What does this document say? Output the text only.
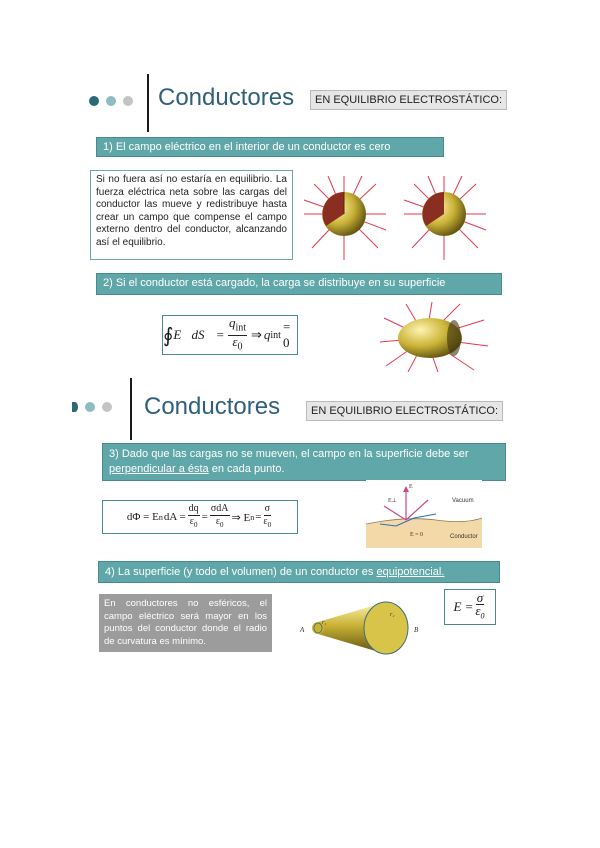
Conductores	EN EQUILIBRIO ELECTROSTÁTICO:
1) El campo eléctrico en el interior de un conductor es cero
Si no fuera así no estaría en equilibrio. La fuerza eléctrica neta sobre las cargas del conductor las mueve y redistribuye hasta crear un campo que compense el campo externo dentro del conductor, alcanzando así el equilibrio.
2) Si el conductor está cargado, la carga se distribuye en su superficie
∮ E⃗dS⃗ = $\frac{q_{int}}{\varepsilon_0}$ ⇒ q int
= 0
Conductores	EN EQUILIBRIO ELECTROSTÁTICO:
3) Dado que las cargas no se mueven, el campo en la superficie debe ser perpendicular a ésta en cada punto.
dΦ = E n dA = $\frac{dq}{\varepsilon_0} = \frac{\text{σdA}}{\varepsilon_0}$ ⇒ E $n = \frac{\sigma}{\varepsilon_0}$
Vacuum
Conductor
E = 0
E
E⊥
4) La superficie (y todo el volumen) de un conductor es equipotencial.
En conductores no esféricos, el campo eléctrico será mayor en los puntos del conductor donde el radio de curvatura es mínimo.
A	B
r₁
r₂
$E = \frac{\sigma}{\varepsilon_0}$
